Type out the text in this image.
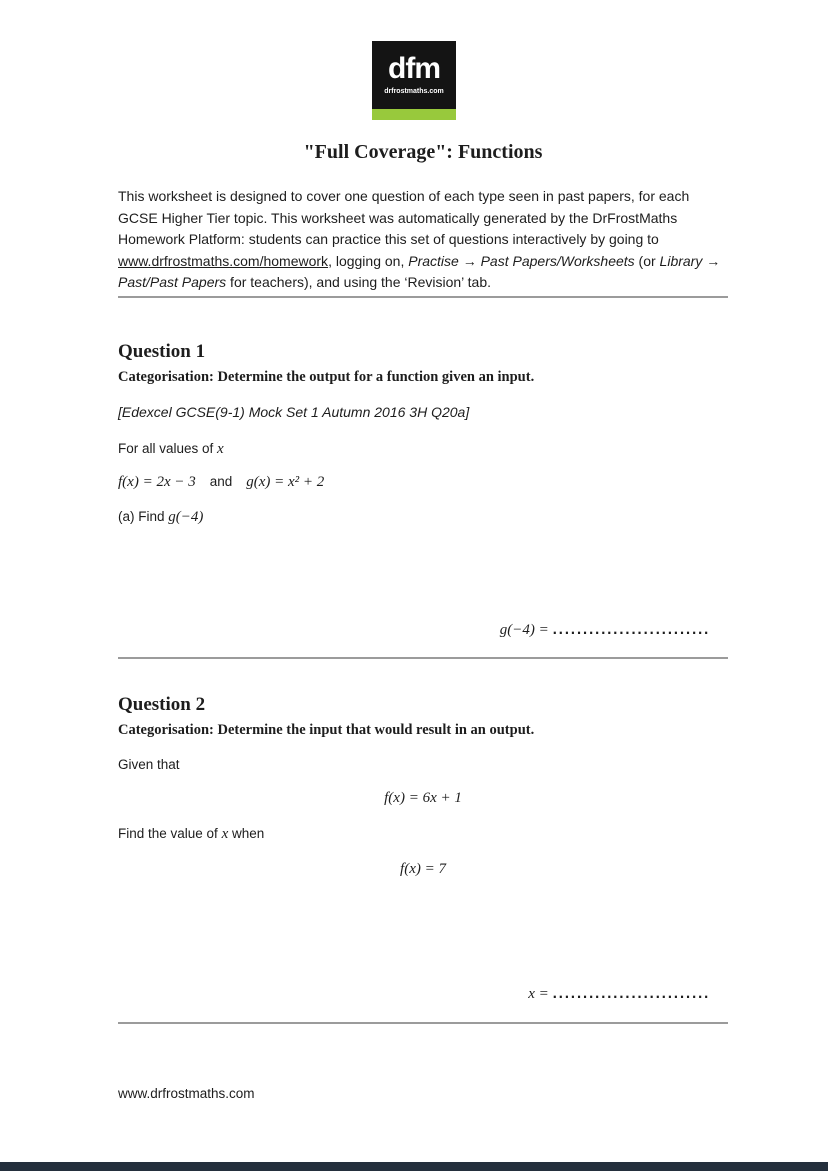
dfm
drfrostmaths.com
"Full Coverage": Functions

This worksheet is designed to cover one question of each type seen in past papers, for each GCSE Higher Tier topic. This worksheet was automatically generated by the DrFrostMaths Homework Platform: students can practice this set of questions interactively by going to www.drfrostmaths.com/homework, logging on, Practise → Past Papers/Worksheets (or Library → Past/Past Papers for teachers), and using the ‘Revision’ tab.

Question 1
Categorisation: Determine the output for a function given an input.
[Edexcel GCSE(9-1) Mock Set 1 Autumn 2016 3H Q20a]
For all values of x
f(x) = 2x − 3 and g(x) = x² + 2
(a) Find g(−4)
g(−4) = ..........................
Question 2
Categorisation: Determine the input that would result in an output.
Given that
f(x) = 6x + 1
Find the value of x when
f(x) = 7
x = ..........................
www.drfrostmaths.com
